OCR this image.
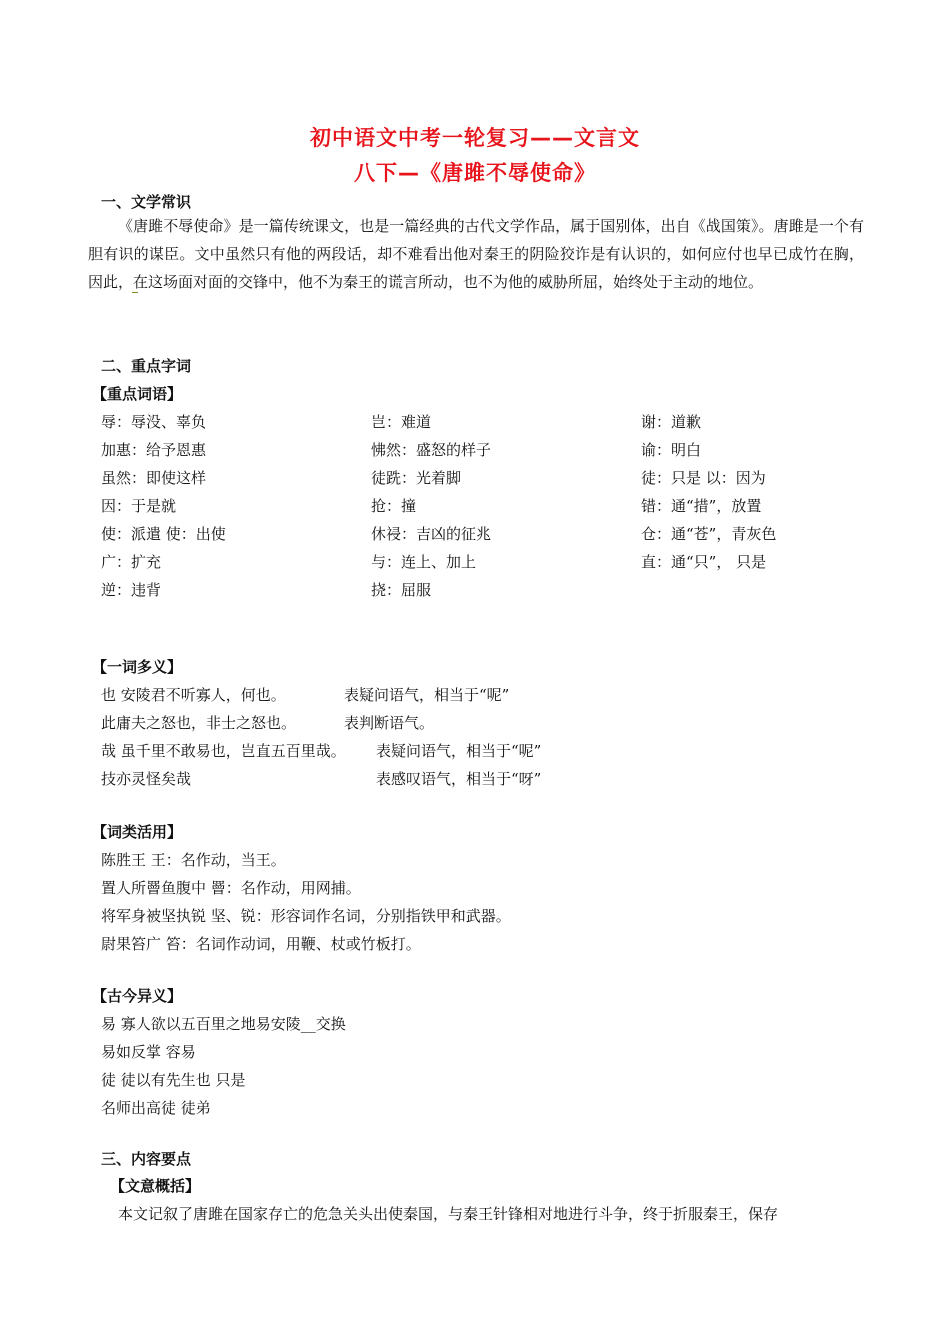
初中语文中考一轮复习——文言文
八下—《唐雎不辱使命》
一、文学常识
《唐雎不辱使命》是一篇传统课文，也是一篇经典的古代文学作品，属于国别体，出自《战国策》。唐雎是一个有胆有识的谋臣。文中虽然只有他的两段话，却不难看出他对秦王的阴险狡诈是有认识的，如何应付也早已成竹在胸，因此，在这场面对面的交锋中，他不为秦王的谎言所动，也不为他的威胁所屈，始终处于主动的地位。
二、重点字词
【重点词语】
辱：辱没、辜负	岂：难道	谢：道歉
加惠：给予恩惠	怫然：盛怒的样子	谕：明白
虽然：即使这样	徒跣：光着脚	徒：只是 以：因为
因：于是就	抢：撞	错：通“措”，放置
使：派遣 使：出使	休祲：吉凶的征兆	仓：通“苍”，青灰色
广：扩充	与：连上、加上	直：通“只”， 只是
逆：违背	挠：屈服
【一词多义】
也 安陵君不听寡人，何也。	表疑问语气，相当于“呢”
此庸夫之怒也，非士之怒也。	表判断语气。
哉 虽千里不敢易也，岂直五百里哉。 表疑问语气，相当于“呢”
技亦灵怪矣哉	表感叹语气，相当于“呀”
【词类活用】
陈胜王 王：名作动，当王。
置人所罾鱼腹中 罾：名作动，用网捕。
将军身被坚执锐 坚、锐：形容词作名词，分别指铁甲和武器。
尉果笞广 笞：名词作动词，用鞭、杖或竹板打。
【古今异义】
易 寡人欲以五百里之地易安陵__交换
易如反掌 容易
徒 徒以有先生也 只是
名师出高徒 徒弟
三、内容要点
【文意概括】
本文记叙了唐雎在国家存亡的危急关头出使秦国，与秦王针锋相对地进行斗争，终于折服秦王，保存
